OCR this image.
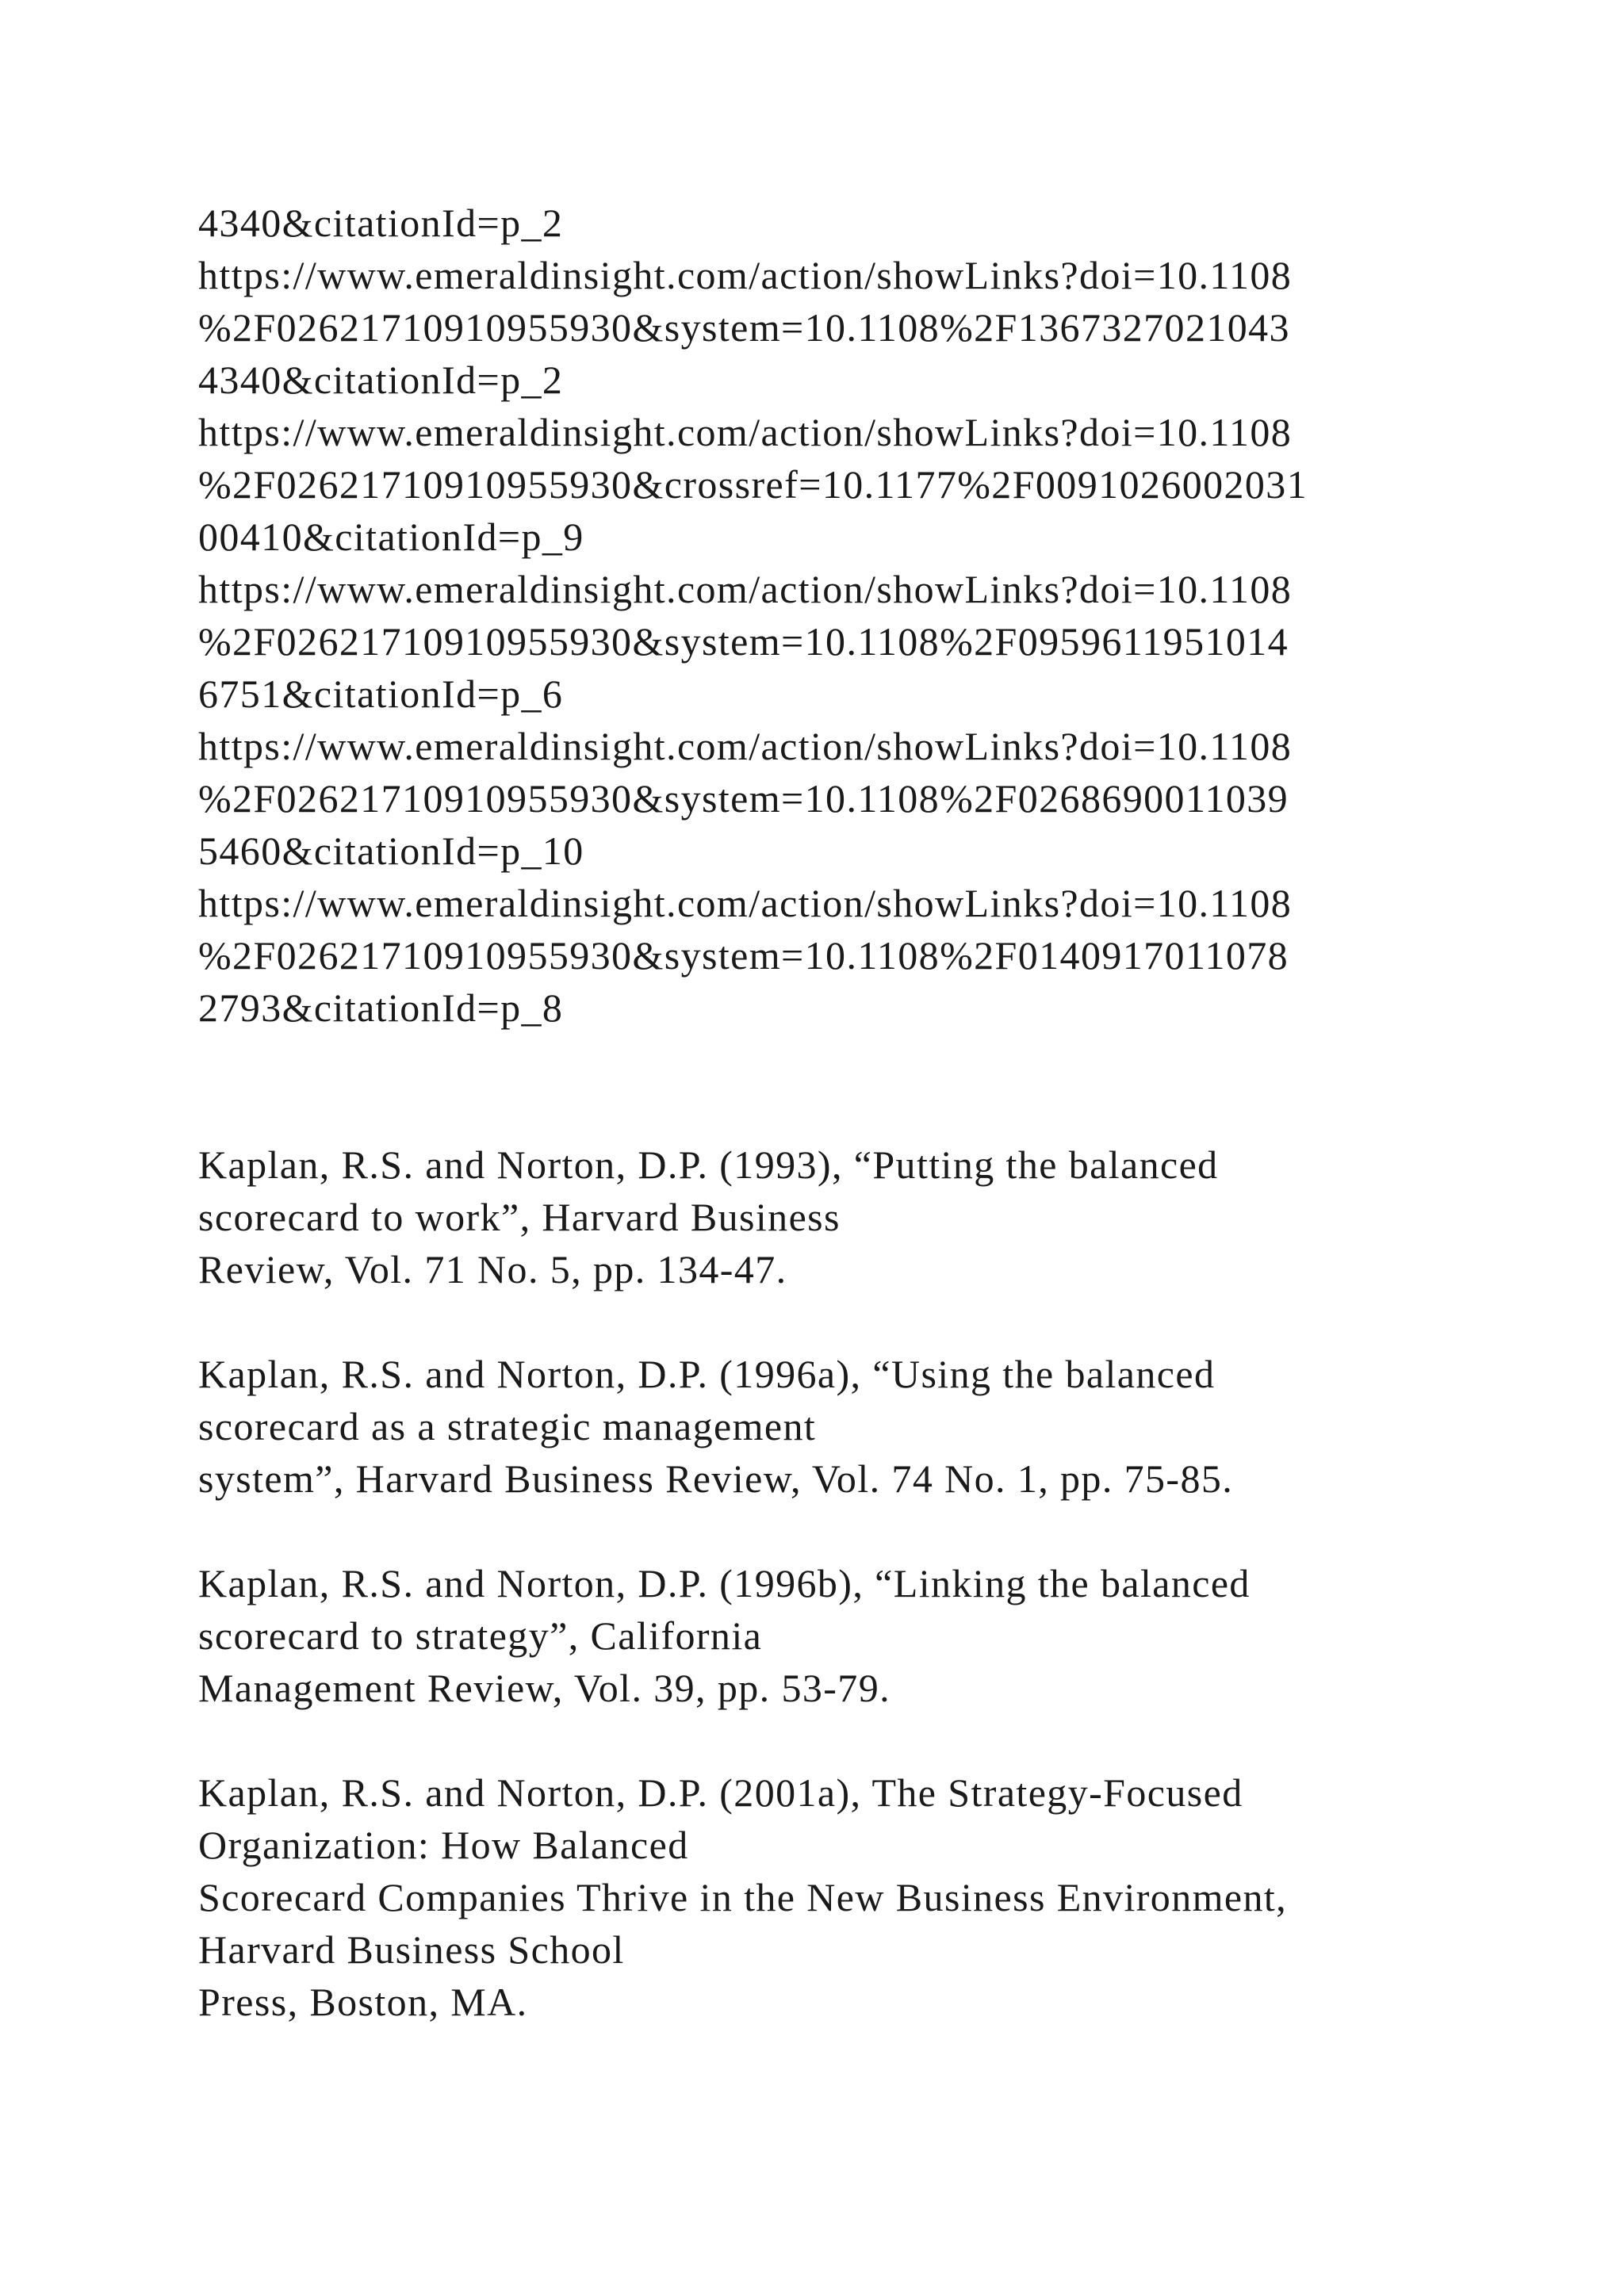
4340&citationId=p_2
https://www.emeraldinsight.com/action/showLinks?doi=10.1108
%2F02621710910955930&system=10.1108%2F1367327021043
4340&citationId=p_2
https://www.emeraldinsight.com/action/showLinks?doi=10.1108
%2F02621710910955930&crossref=10.1177%2F0091026002031
00410&citationId=p_9
https://www.emeraldinsight.com/action/showLinks?doi=10.1108
%2F02621710910955930&system=10.1108%2F0959611951014
6751&citationId=p_6
https://www.emeraldinsight.com/action/showLinks?doi=10.1108
%2F02621710910955930&system=10.1108%2F0268690011039
5460&citationId=p_10
https://www.emeraldinsight.com/action/showLinks?doi=10.1108
%2F02621710910955930&system=10.1108%2F0140917011078
2793&citationId=p_8
Kaplan, R.S. and Norton, D.P. (1993), “Putting the balanced
scorecard to work”, Harvard Business
Review, Vol. 71 No. 5, pp. 134-47.
Kaplan, R.S. and Norton, D.P. (1996a), “Using the balanced
scorecard as a strategic management
system”, Harvard Business Review, Vol. 74 No. 1, pp. 75-85.
Kaplan, R.S. and Norton, D.P. (1996b), “Linking the balanced
scorecard to strategy”, California
Management Review, Vol. 39, pp. 53-79.
Kaplan, R.S. and Norton, D.P. (2001a), The Strategy-Focused
Organization: How Balanced
Scorecard Companies Thrive in the New Business Environment,
Harvard Business School
Press, Boston, MA.
